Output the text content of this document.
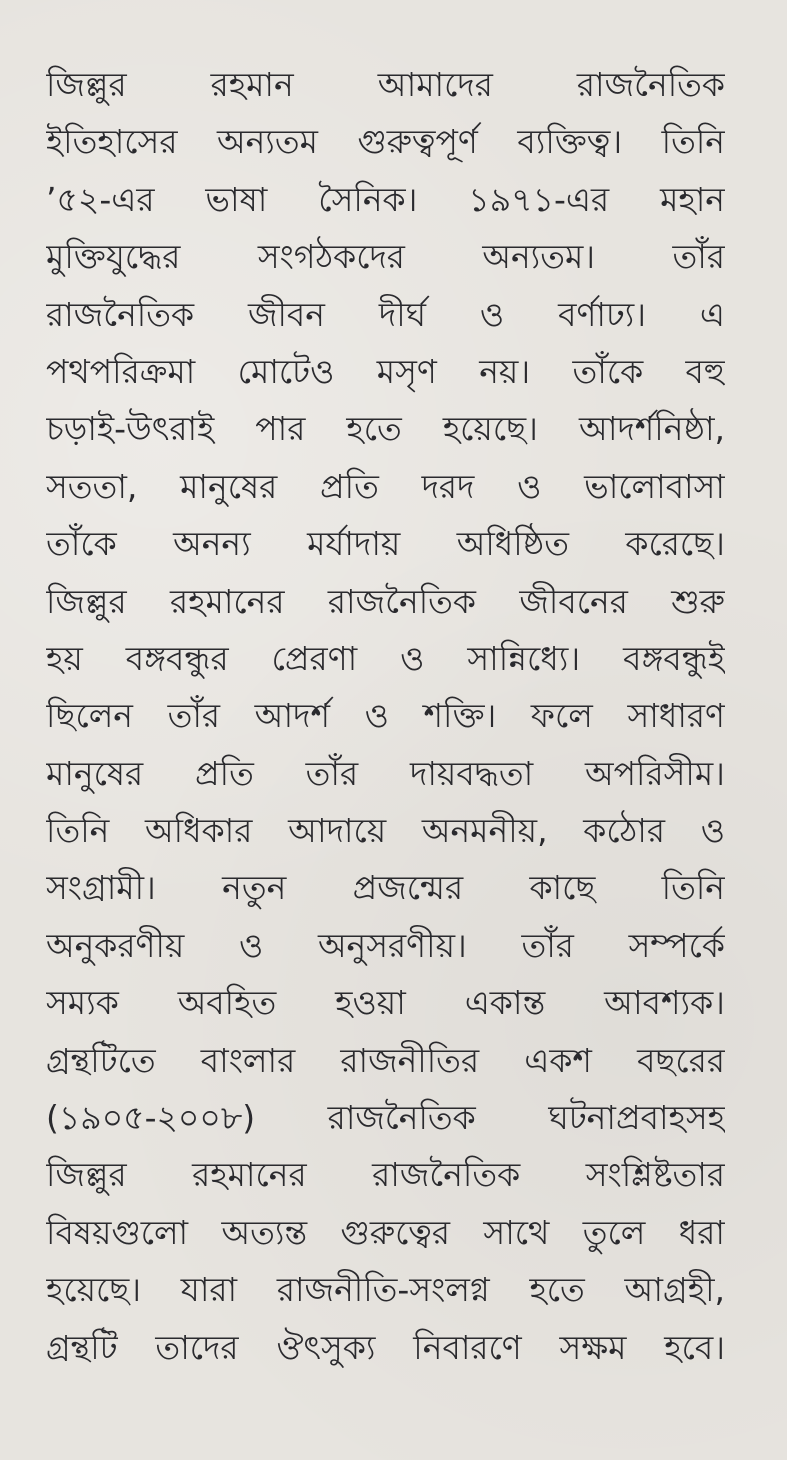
জিল্লুর রহমান আমাদের রাজনৈতিক
ইতিহাসের অন্যতম গুরুত্বপূর্ণ ব্যক্তিত্ব। তিনি
’৫২-এর ভাষা সৈনিক। ১৯৭১-এর মহান
মুক্তিযুদ্ধের সংগঠকদের অন্যতম। তাঁর
রাজনৈতিক জীবন দীর্ঘ ও বর্ণাঢ্য। এ
পথপরিক্রমা মোটেও মসৃণ নয়। তাঁকে বহু
চড়াই-উৎরাই পার হতে হয়েছে। আদর্শনিষ্ঠা,
সততা, মানুষের প্রতি দরদ ও ভালোবাসা
তাঁকে অনন্য মর্যাদায় অধিষ্ঠিত করেছে।
জিল্লুর রহমানের রাজনৈতিক জীবনের শুরু
হয় বঙ্গবন্ধুর প্রেরণা ও সান্নিধ্যে। বঙ্গবন্ধুই
ছিলেন তাঁর আদর্শ ও শক্তি। ফলে সাধারণ
মানুষের প্রতি তাঁর দায়বদ্ধতা অপরিসীম।
তিনি অধিকার আদায়ে অনমনীয়, কঠোর ও
সংগ্রামী। নতুন প্রজন্মের কাছে তিনি
অনুকরণীয় ও অনুসরণীয়। তাঁর সম্পর্কে
সম্যক অবহিত হওয়া একান্ত আবশ্যক।
গ্রন্থটিতে বাংলার রাজনীতির একশ বছরের
(১৯০৫-২০০৮) রাজনৈতিক ঘটনাপ্রবাহসহ
জিল্লুর রহমানের রাজনৈতিক সংশ্লিষ্টতার
বিষয়গুলো অত্যন্ত গুরুত্বের সাথে তুলে ধরা
হয়েছে। যারা রাজনীতি-সংলগ্ন হতে আগ্রহী,
গ্রন্থটি তাদের ঔৎসুক্য নিবারণে সক্ষম হবে।
